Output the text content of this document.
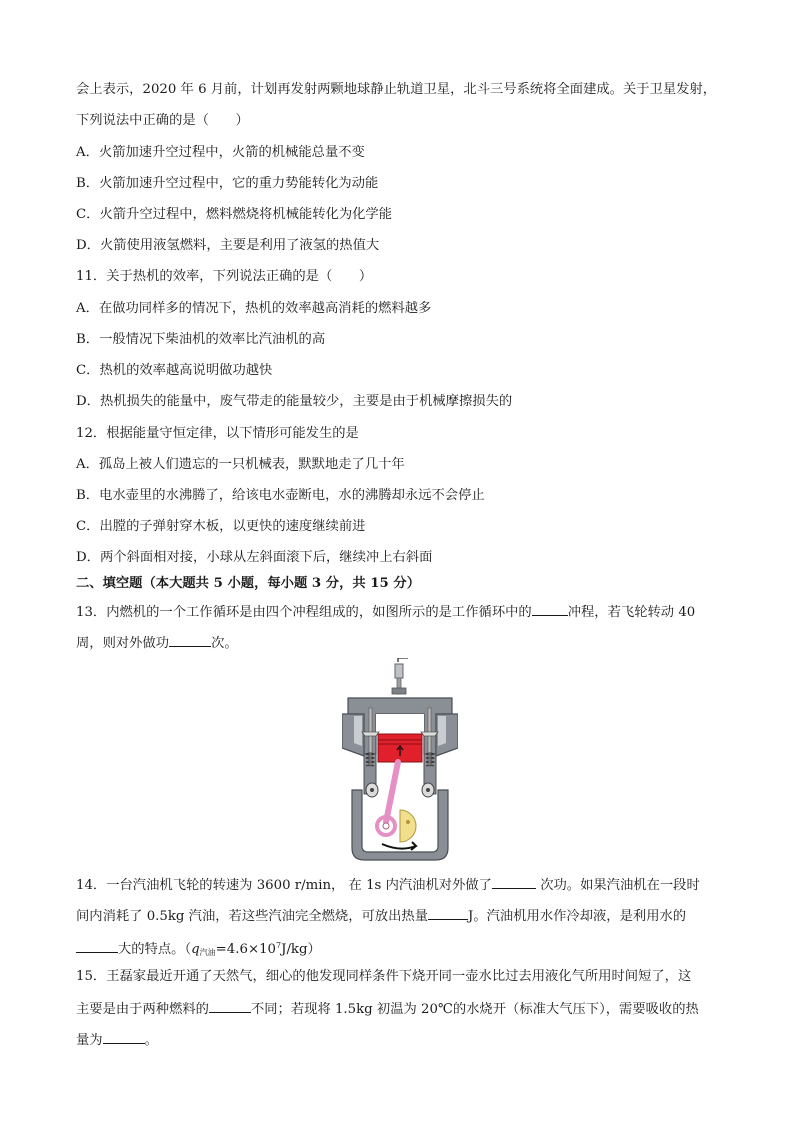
会上表示，2020 年 6 月前，计划再发射两颗地球静止轨道卫星，北斗三号系统将全面建成。关于卫星发射，
下列说法中正确的是（　　）
A．火箭加速升空过程中，火箭的机械能总量不变
B．火箭加速升空过程中，它的重力势能转化为动能
C．火箭升空过程中，燃料燃烧将机械能转化为化学能
D．火箭使用液氢燃料，主要是利用了液氢的热值大
11．关于热机的效率，下列说法正确的是（　　）
A．在做功同样多的情况下，热机的效率越高消耗的燃料越多
B．一般情况下柴油机的效率比汽油机的高
C．热机的效率越高说明做功越快
D．热机损失的能量中，废气带走的能量较少，主要是由于机械摩擦损失的
12．根据能量守恒定律，以下情形可能发生的是
A．孤岛上被人们遗忘的一只机械表，默默地走了几十年
B．电水壶里的水沸腾了，给该电水壶断电，水的沸腾却永远不会停止
C．出膛的子弹射穿木板，以更快的速度继续前进
D．两个斜面相对接，小球从左斜面滚下后，继续冲上右斜面
二、填空题（本大题共 5 小题，每小题 3 分，共 15 分）
13．内燃机的一个工作循环是由四个冲程组成的，如图所示的是工作循环中的	冲程，若飞轮转动 40
周，则对外做功	次。
14．一台汽油机飞轮的转速为 3600 r/min， 在 1s 内汽油机对外做了	次功。如果汽油机在一段时
间内消耗了 0.5kg 汽油，若这些汽油完全燃烧，可放出热量	J。汽油机用水作冷却液，是利用水的
大的特点。$(q_{汽油}=4.6\times 10^7J/kg)$
15．王磊家最近开通了天然气，细心的他发现同样条件下烧开同一壶水比过去用液化气所用时间短了，这
主要是由于两种燃料的	不同；若现将 1.5kg 初温为 20℃的水烧开（标准大气压下），需要吸收的热
量为	。
